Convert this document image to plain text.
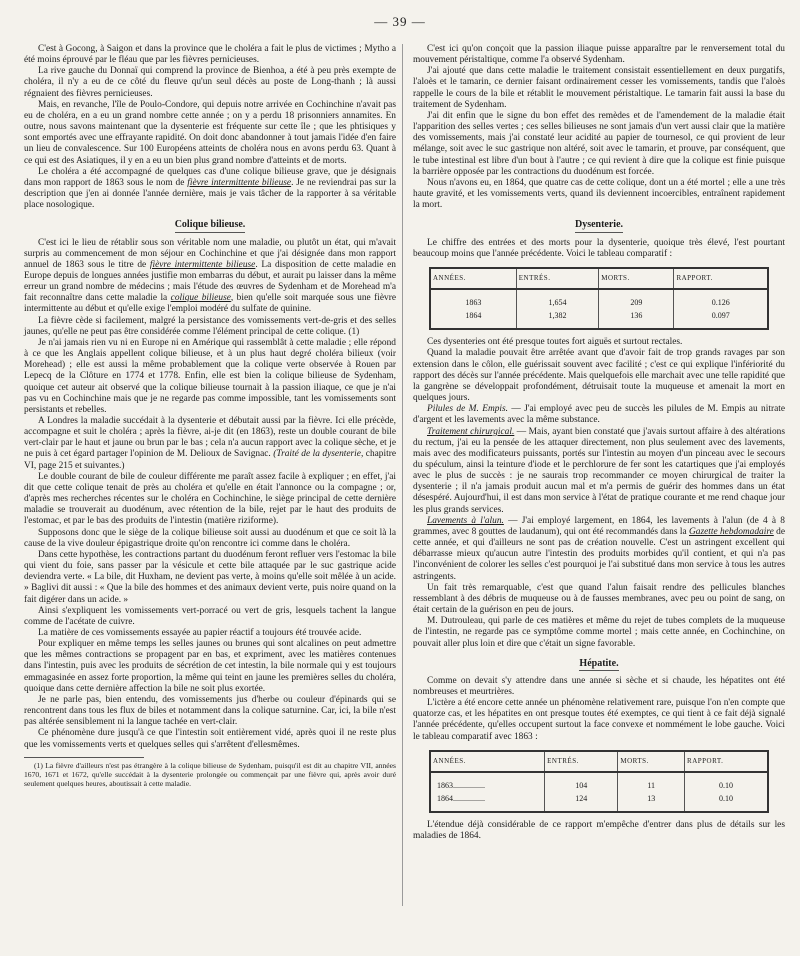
— 39 —

C'est à Gocong, à Saigon et dans la province que le choléra a fait le plus de victimes ; Mytho a été moins éprouvé par le fléau que par les fièvres pernicieuses.

La rive gauche du Donnaï qui comprend la province de Bienhoa, a été à peu près exempte de choléra, il n'y a eu de ce côté du fleuve qu'un seul décès au poste de Long-thanh ; là aussi régnaient des fièvres pernicieuses.

Mais, en revanche, l'île de Poulo-Condore, qui depuis notre arrivée en Cochinchine n'avait pas eu de choléra, en a eu un grand nombre cette année ; on y a perdu 18 prisonniers annamites. En outre, nous savons maintenant que la dysenterie est fréquente sur cette île ; que les phtisiques y sont emportés avec une effrayante rapidité. On doit donc abandonner à tout jamais l'idée d'en faire un lieu de convalescence. Sur 100 Européens atteints de choléra nous en avons perdu 63. Quant à ce qui est des Asiatiques, il y en a eu un bien plus grand nombre d'atteints et de morts.

Le choléra a été accompagné de quelques cas d'une colique bilieuse grave, que je désignais dans mon rapport de 1863 sous le nom de fièvre intermittente bilieuse. Je ne reviendrai pas sur la description que j'en ai donnée l'année dernière, mais je vais tâcher de la rapporter à sa véritable place nosologique.

Colique bilieuse.

C'est ici le lieu de rétablir sous son véritable nom une maladie, ou plutôt un état, qui m'avait surpris au commencement de mon séjour en Cochinchine et que j'ai désignée dans mon rapport annuel de 1863 sous le titre de fièvre intermittente bilieuse. La disposition de cette maladie en Europe depuis de longues années justifie mon embarras du début, et aurait pu laisser dans la même erreur un grand nombre de médecins ; mais l'étude des œuvres de Sydenham et de Morehead m'a fait reconnaître dans cette maladie la colique bilieuse, bien qu'elle soit marquée sous une fièvre intermittente au début et qu'elle exige l'emploi modéré du sulfate de quinine.

La fièvre cède si facilement, malgré la persistance des vomissements vert-de-gris et des selles jaunes, qu'elle ne peut pas être considérée comme l'élément principal de cette colique. (1)

Je n'ai jamais rien vu ni en Europe ni en Amérique qui rassemblât à cette maladie ; elle répond à ce que les Anglais appellent colique bilieuse, et à un plus haut degré choléra bilieux (voir Morehead) ; elle est aussi la même probablement que la colique verte observée à Rouen par Lepecq de la Clôture en 1774 et 1778. Enfin, elle est bien la colique bilieuse de Sydenham, quoique cet auteur ait observé que la colique bilieuse tournait à la passion iliaque, ce que je n'ai pas vu en Cochinchine mais que je ne regarde pas comme impossible, tant les vomissements sont persistants et rebelles.

A Londres la maladie succédait à la dysenterie et débutait aussi par la fièvre. Ici elle précède, accompagne et suit le choléra ; après la fièvre, ai-je dit (en 1863), reste un double courant de bile vert-clair par le haut et jaune ou brun par le bas ; cela n'a aucun rapport avec la colique sèche, et je ne puis à cet égard partager l'opinion de M. Delioux de Savignac. (Traité de la dysenterie, chapitre VI, page 215 et suivantes.)

Le double courant de bile de couleur différente me paraît assez facile à expliquer ; en effet, j'ai dit que cette colique tenait de près au choléra et qu'elle en était l'annonce ou la compagne ; or, d'après mes recherches récentes sur le choléra en Cochinchine, le siège principal de cette dernière maladie se trouverait au duodénum, avec rétention de la bile, rejet par le haut des produits de l'estomac, et par le bas des produits de l'intestin (matière riziforme).

Supposons donc que le siège de la colique bilieuse soit aussi au duodénum et que ce soit là la cause de la vive douleur épigastrique droite qu'on rencontre ici comme dans le choléra.

Dans cette hypothèse, les contractions partant du duodénum feront refluer vers l'estomac la bile qui vient du foie, sans passer par la vésicule et cette bile attaquée par le suc gastrique acide deviendra verte. « La bile, dit Huxham, ne devient pas verte, à moins qu'elle soit mêlée à un acide. » Baglivi dit aussi : « Que la bile des hommes et des animaux devient verte, puis noire quand on la fait digérer dans un acide. »

Ainsi s'expliquent les vomissements vert-porracé ou vert de gris, lesquels tachent la langue comme de l'acétate de cuivre.

La matière de ces vomissements essayée au papier réactif a toujours été trouvée acide.

Pour expliquer en même temps les selles jaunes ou brunes qui sont alcalines on peut admettre que les mêmes contractions se propagent par en bas, et expriment, avec les matières contenues dans l'intestin, puis avec les produits de sécrétion de cet intestin, la bile normale qui y est toujours emmagasinée en assez forte proportion, la même qui teint en jaune les premières selles du choléra, quoique dans cette dernière affection la bile ne soit plus exortée.

Je ne parle pas, bien entendu, des vomissements jus d'herbe ou couleur d'épinards qui se rencontrent dans tous les flux de biles et notamment dans la colique saturnine. Car, ici, la bile n'est pas altérée sensiblement ni la langue tachée en vert-clair.

Ce phénomène dure jusqu'à ce que l'intestin soit entièrement vidé, après quoi il ne reste plus que les vomissements verts et quelques selles qui s'arrêtent d'ellesmêmes.

(1) La fièvre d'ailleurs n'est pas étrangère à la colique bilieuse de Sydenham, puisqu'il est dit au chapitre VII, années 1670, 1671 et 1672, qu'elle succédait à la dysenterie prolongée ou commençait par une fièvre qui, après avoir duré seulement quelques heures, aboutissait à cette maladie.

C'est ici qu'on conçoit que la passion iliaque puisse apparaître par le renversement total du mouvement péristaltique, comme l'a observé Sydenham.

J'ai ajouté que dans cette maladie le traitement consistait essentiellement en deux purgatifs, l'aloès et le tamarin, ce dernier faisant ordinairement cesser les vomissements, tandis que l'aloès rappelle le cours de la bile et rétablit le mouvement péristaltique. Le tamarin fait aussi la base du traitement de Sydenham.

J'ai dit enfin que le signe du bon effet des remèdes et de l'amendement de la maladie était l'apparition des selles vertes ; ces selles bilieuses ne sont jamais d'un vert aussi clair que la matière des vomissements, mais j'ai constaté leur acidité au papier de tournesol, ce qui provient de leur mélange, soit avec le suc gastrique non altéré, soit avec le tamarin, et prouve, par conséquent, que le tube intestinal est libre d'un bout à l'autre ; ce qui revient à dire que la colique est finie puisque la barrière opposée par les contractions du duodénum est forcée.

Nous n'avons eu, en 1864, que quatre cas de cette colique, dont un a été mortel ; elle a une très haute gravité, et les vomissements verts, quand ils deviennent incoercibles, entraînent rapidement la mort.

Dysenterie.

Le chiffre des entrées et des morts pour la dysenterie, quoique très élevé, l'est pourtant beaucoup moins que l'année précédente. Voici le tableau comparatif :

ANNÉES.	ENTRÉS.	MORTS.	RAPPORT.
1863	1,654	209	0.126
1864	1,382	136	0.097

Ces dysenteries ont été presque toutes fort aiguës et surtout rectales.

Quand la maladie pouvait être arrêtée avant que d'avoir fait de trop grands ravages par son extension dans le côlon, elle guérissait souvent avec facilité ; c'est ce qui explique l'infériorité du rapport des décès sur l'année précédente. Mais quelquefois elle marchait avec une telle rapidité que la gangrène se développait profondément, détruisait toute la muqueuse et amenait la mort en quelques jours.

Pilules de M. Empis. — J'ai employé avec peu de succès les pilules de M. Empis au nitrate d'argent et les lavements avec la même substance.

Traitement chirurgical. — Mais, ayant bien constaté que j'avais surtout affaire à des altérations du rectum, j'ai eu la pensée de les attaquer directement, non plus seulement avec des lavements, mais avec des modificateurs puissants, portés sur l'intestin au moyen d'un pinceau avec le secours du spéculum, ainsi la teinture d'iode et le perchlorure de fer sont les catartiques que j'ai employés avec le plus de succès : je ne saurais trop recommander ce moyen chirurgical de traiter la dysenterie ; il n'a jamais produit aucun mal et m'a permis de guérir des hommes dans un état désespéré. Aujourd'hui, il est dans mon service à l'état de pratique courante et me rend chaque jour les plus grands services.

Lavements à l'alun. — J'ai employé largement, en 1864, les lavements à l'alun (de 4 à 8 grammes, avec 8 gouttes de laudanum), qui ont été recommandés dans la Gazette hebdomadaire de cette année, et qui d'ailleurs ne sont pas de création nouvelle. C'est un astringent excellent qui débarrasse mieux qu'aucun autre l'intestin des produits morbides qu'il contient, et qui n'a pas l'inconvénient de colorer les selles c'est pourquoi je l'ai substitué dans mon service à tous les autres astringents.

Un fait très remarquable, c'est que quand l'alun faisait rendre des pellicules blanches ressemblant à des débris de muqueuse ou à de fausses membranes, avec peu ou point de sang, on était certain de la guérison en peu de jours.

M. Dutrouleau, qui parle de ces matières et même du rejet de tubes complets de la muqueuse de l'intestin, ne regarde pas ce symptôme comme mortel ; mais cette année, en Cochinchine, on pouvait aller plus loin et dire que c'était un signe favorable.

Hépatite.

Comme on devait s'y attendre dans une année si sèche et si chaude, les hépatites ont été nombreuses et meurtrières.

L'ictère a été encore cette année un phénomène relativement rare, puisque l'on n'en compte que quatorze cas, et les hépatites en ont presque toutes été exemptes, ce qui tient à ce fait déjà signalé l'année précédente, qu'elles occupent surtout la face convexe et nommément le lobe gauche. Voici le tableau comparatif avec 1863 :

ANNÉES.	ENTRÉS.	MORTS.	RAPPORT.
1863................	104	11	0.10
1864................	124	13	0.10

L'étendue déjà considérable de ce rapport m'empêche d'entrer dans plus de détails sur les maladies de 1864.
